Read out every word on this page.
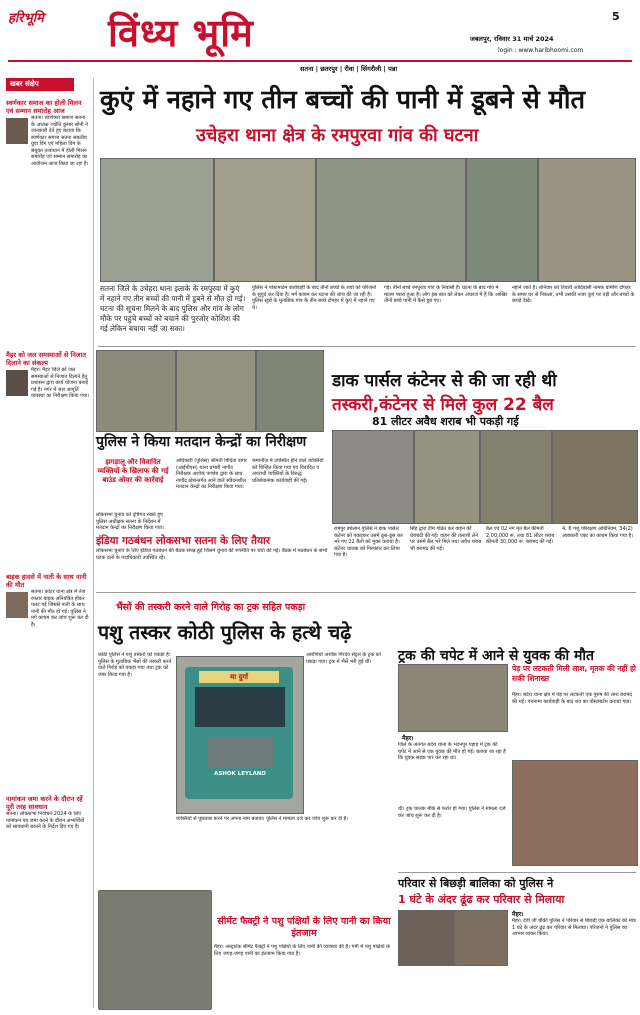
हरिभूमि विंध्य भूमि	5
जबलपुर, रविवार 31 मार्च 2024
login : www.haribhoomi.com
सतना | छतरपुर | रीवा | सिंगरौली | पन्ना
खबर संक्षेप
स्वर्णकार समाज का होली मिलन एवं सम्मान समारोह आज
सतना। स्वर्णकार समाज सतना के अध्यक्ष ज्योति कुमार सोनी ने जानकारी देते हुए बताया कि स्वर्णकार समाज सतना सबलीय युवा विंग एवं महिला विंग के संयुक्त तत्वाधान में होली मिलन समारोह एवं सम्मान समारोह का आयोजन आज किया जा रहा है।
मैहर को जल समस्याओं से निजात दिलाने का संकल्प
मैहर। मैहर जिले को जल समस्याओं से निजात दिलाने हेतु प्रशासन द्वारा कार्य योजना बनाई गई है। नगर में जल आपूर्ति व्यवस्था का निरीक्षण किया गया।
बाइक हादसे में नाती के साथ नानी की मौत
सतना। कोटर थाना क्षेत्र में तेज रफ्तार बाइक अनियंत्रित होकर पलट गई जिससे नाती के साथ नानी की मौत हो गई। पुलिस ने मर्ग कायम कर जांच शुरू कर दी है।
नामांकन जमा करने के दौरान रहें पूरी तरह सावधान
सतना। लोकसभा निर्वाचन 2024 के लिए नामांकन पत्र जमा करने के दौरान अभ्यर्थियों को सावधानी बरतने के निर्देश दिए गए हैं।
कुएं में नहाने गए तीन बच्चों की पानी में डूबने से मौत
उचेहरा थाना क्षेत्र के रमपुरवा गांव की घटना
सतना जिले के उचेहरा थाना इलाके के रमपुरवा में कुएं में नहाने गए तीन बच्चों की पानी में डूबने से मौत हो गई। घटना की सूचना मिलने के बाद पुलिस और गांव के लोग मौके पर पहुंचे बच्चों को बचाने की पुरजोर कोशिश की गई लेकिन बचाया नहीं जा सका।
पुलिस ने पोस्टमार्टम कार्यवाही के बाद तीनों बच्चों के शवों को परिजनों के सुपुर्द कर दिया है। मर्ग कायम कर घटना की जांच की जा रही है। पुलिस सूत्रों के मुताबिक गांव के तीन बच्चे दोपहर में कुएं में नहाने गए थे।
गई। तीनों बच्चे रमपुरवा गांव के निवासी हैं। घटना के बाद गांव में मातम पसरा हुआ है। लोग इस बात को लेकर अचरज में हैं कि आखिर तीनों बच्चे पानी में कैसे डूब गए।
नहाने जाते हैं। शनिवार को तिवारी आदिवासी नामक ग्रामीण दोपहर के समय घर से निकला, तभी उसकी नजर कुएं पर पड़ी और बच्चों के कपड़े देखे।
पुलिस ने किया मतदान केन्द्रों का निरीक्षण
झगड़ालू और विवादित व्यक्तियों के खिलाफ की गई बाउंड ओवर की कार्रवाई
अधिकारी (पुलिस) श्रीमती विदिता डागर (आईपीएस) थाना प्रभारी नागौद निरीक्षक अशोक पाण्डेय द्वारा के साथ नागौद क्षेत्रान्तर्गत आने वाले संवेदनशील मतदान केन्द्रों का निरीक्षण किया गया।
कम्पनीज़ में उपस्थित होने वाले व्यक्तियों को चिन्हित किया गया एवं विवादित व अपराधी व्यक्तियों के विरुद्ध प्रतिबंधात्मक कार्यवाही की गई।
लोकसभा चुनाव को दृष्टिगत रखते हुए पुलिस अधीक्षक सतना के निर्देशन में मतदान केन्द्रों का निरीक्षण किया गया।
इंडिया गठबंधन लोकसभा सतना के लिए तैयार
लोकसभा चुनाव के लिए इंडिया गठबंधन की बैठक संपन्न हुई जिसमें चुनाव की रणनीति पर चर्चा की गई। बैठक में गठबंधन के सभी घटक दलों के पदाधिकारी उपस्थित रहे।
डाक पार्सल कंटेनर से की जा रही थी
तस्करी,कंटेनर से मिले कुल 22 बैल
81 लीटर अवैध शराब भी पकड़ी गई
रामपुर बघेलान पुलिस ने डाक पार्सल कंटेनर को पकड़कर उसमें ठूंस-ठूंस कर भरे गए 22 बैलों को मुक्त कराया है। कंटेनर चालक को गिरफ्तार कर लिया गया है।
सिंह द्वारा टीम गठित कर वाहन की घेराबंदी की गई। वाहन की तलाशी लेने पर उसमें बैल भरे मिले तथा अवैध शराब भी बरामद की गई।
बैल एवं 02 नग मृत बैल कीमती 2,00,000 रू. तथा 81 लीटर शराब कीमती 30,000 रू. बरामद की गई।
4, 6 पशु परिरक्षण अधिनियम, 34(2) आबकारी एक्ट का कायम किया गया है।
भैंसों की तस्करी करने वाले गिरोह का ट्रक सहित पकड़ा
पशु तस्कर कोठी पुलिस के हत्थे चढ़े
कोठी पुलिस ने पशु तस्करों को पकड़ा है। पुलिस के मुताबिक भैंसों की तस्करी करने वाले गिरोह को पकड़ा गया तथा ट्रक को जब्त किया गया है।	मा दुर्गा
ASHOK LEYLAND
आरोपियों अशोक गिरदेव सेंट्रल के ट्रक को पकड़ा गया। ट्रक में भैंसें भरी हुई थीं।
व्यक्तियों से पूछताछ करने पर अपना नाम बताया। पुलिस ने मामला दर्ज कर जांच शुरू कर दी है।
सीमेंट फैक्ट्री ने पशु पक्षियों के लिए पानी का किया इंतजाम
मैहर। अल्ट्राटेक सीमेंट फैक्ट्री ने पशु पक्षियों के लिए पानी की व्यवस्था की है। गर्मी में पशु पक्षियों के लिए जगह-जगह पानी का इंतजाम किया गया है।
ट्रक की चपेट में आने से युवक की मौत
मैहर।
जिले के अंतर्गत बदेरा थाना के भदनपुर पहाड़ में ट्रक की चपेट में आने से एक युवक की मौत हो गई। बताया जा रहा है कि युवक सड़क पार कर रहा था।
थी। ट्रक चालक मौके से फरार हो गया। पुलिस ने मामला दर्ज कर जांच शुरू कर दी है।
पेड़ पर लटकती मिली लाश, मृतक की नहीं हो सकी शिनाख्त
मैहर। बदेरा थाना क्षेत्र में पेड़ पर लटकती एक पुरुष की लाश बरामद की गई। पंचनामा कार्यवाही के बाद शव का पोस्टमार्टम कराया गया।
परिवार से बिछड़ी बालिका को पुलिस ने
1 घंटे के अंदर ढूंढ कर परिवार से मिलाया
मैहर।
मैहर। देवी जी चौकी पुलिस ने परिवार से बिछड़ी एक बालिका को मात्र 1 घंटे के अंदर ढूंढ कर परिवार से मिलाया। परिजनों ने पुलिस का आभार व्यक्त किया।
